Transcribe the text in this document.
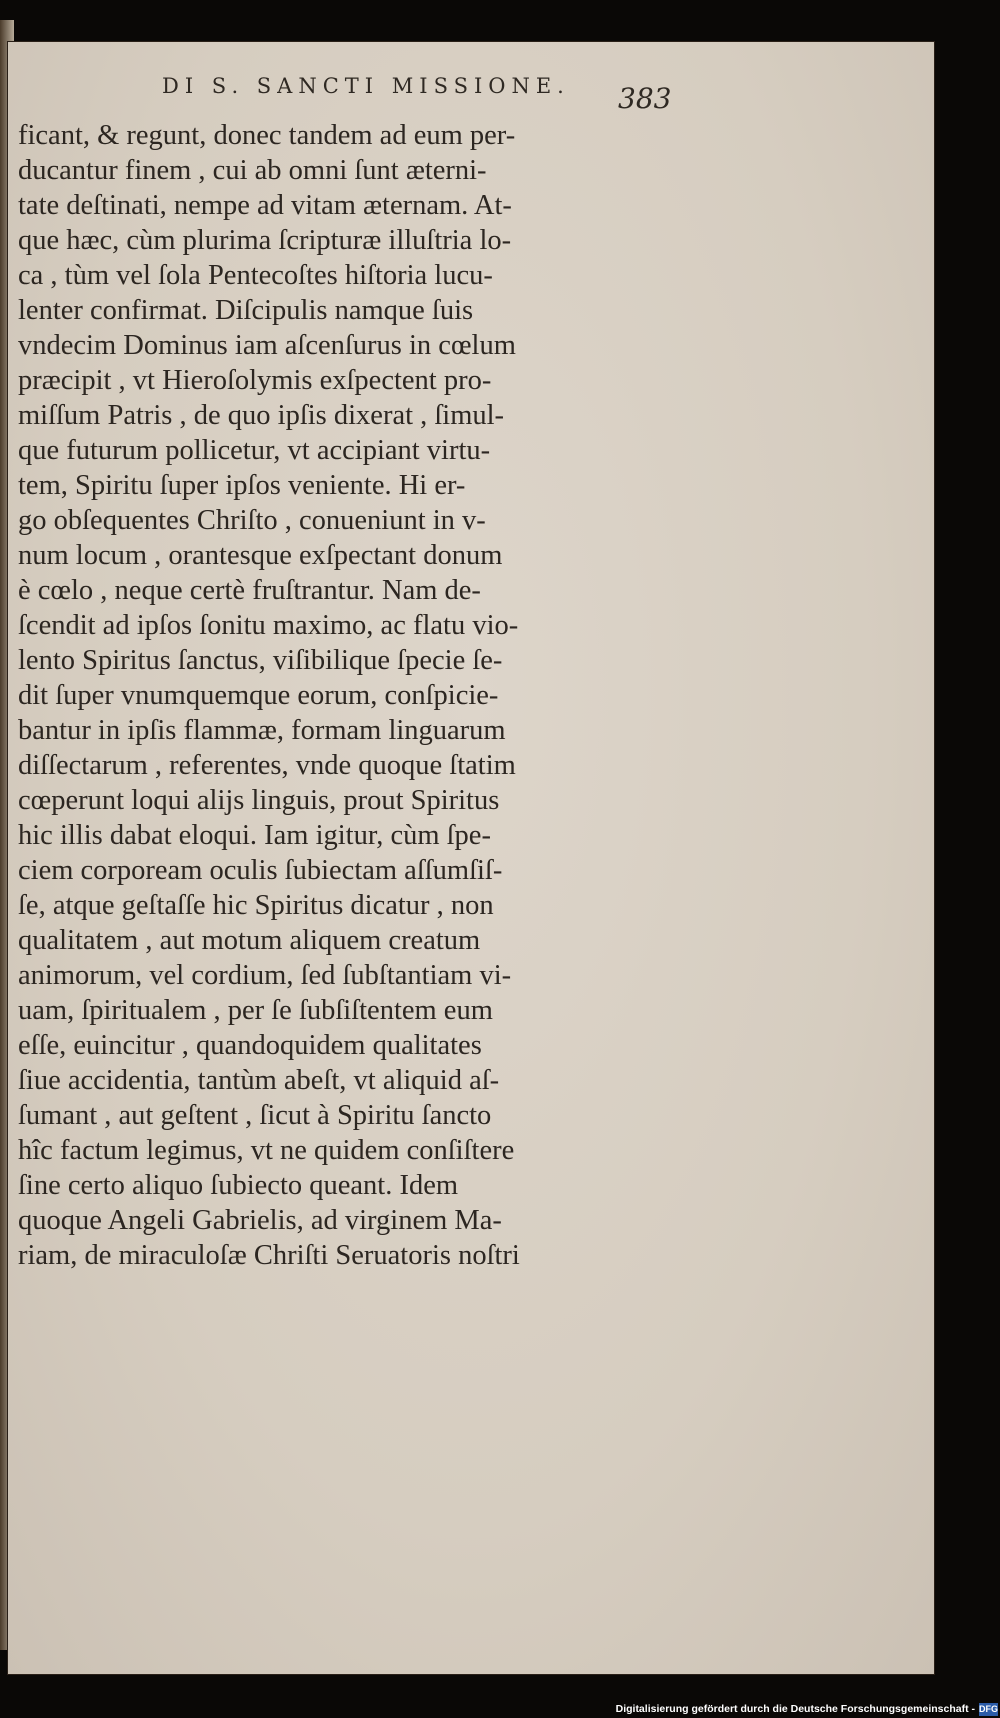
DI S. SANCTI MISSIONE.	383
ficant, & regunt, donec tandem ad eum per-
ducantur finem , cui ab omni ſunt æterni-
tate deſtinati, nempe ad vitam æternam. At-
que hæc, cùm plurima ſcripturæ illuſtria lo-
ca , tùm vel ſola Pentecoſtes hiſtoria lucu-
lenter confirmat. Diſcipulis namque ſuis
vndecim Dominus iam aſcenſurus in cœlum
præcipit , vt Hieroſolymis exſpectent pro-
miſſum Patris , de quo ipſis dixerat , ſimul-
que futurum pollicetur, vt accipiant virtu-
tem, Spiritu ſuper ipſos veniente. Hi er-
go obſequentes Chriſto , conueniunt in v-
num locum , orantesque exſpectant donum
è cœlo , neque certè fruſtrantur. Nam de-
ſcendit ad ipſos ſonitu maximo, ac flatu vio-
lento Spiritus ſanctus, viſibilique ſpecie ſe-
dit ſuper vnumquemque eorum, conſpicie-
bantur in ipſis flammæ, formam linguarum
diſſectarum , referentes, vnde quoque ſtatim
cœperunt loqui alijs linguis, prout Spiritus
hic illis dabat eloqui. Iam igitur, cùm ſpe-
ciem corpoream oculis ſubiectam aſſumſiſ-
ſe, atque geſtaſſe hic Spiritus dicatur , non
qualitatem , aut motum aliquem creatum
animorum, vel cordium, ſed ſubſtantiam vi-
uam, ſpiritualem , per ſe ſubſiſtentem eum
eſſe, euincitur , quandoquidem qualitates
ſiue accidentia, tantùm abeſt, vt aliquid aſ-
ſumant , aut geſtent , ſicut à Spiritu ſancto
hîc factum legimus, vt ne quidem conſiſtere
ſine certo aliquo ſubiecto queant. Idem
quoque Angeli Gabrielis, ad virginem Ma-
riam, de miraculoſæ Chriſti Seruatoris noſtri
Digitalisierung gefördert durch die Deutsche Forschungsgemeinschaft - DFG
